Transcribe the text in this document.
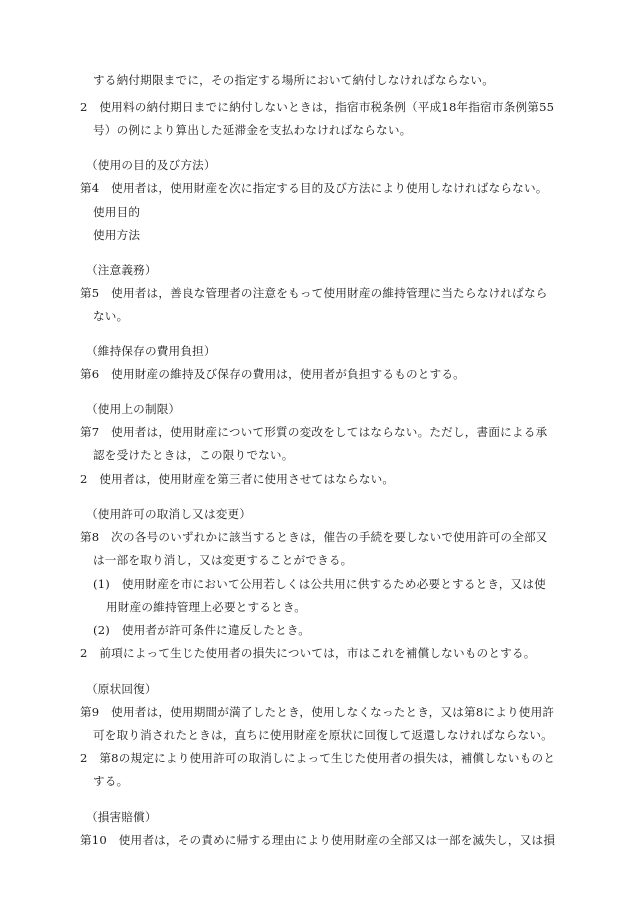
する納付期限までに，その指定する場所において納付しなければならない。
2　使用料の納付期日までに納付しないときは，指宿市税条例（平成18年指宿市条例第55
号）の例により算出した延滞金を支払わなければならない。
（使用の目的及び方法）
第4　使用者は，使用財産を次に指定する目的及び方法により使用しなければならない。
使用目的
使用方法
（注意義務）
第5　使用者は，善良な管理者の注意をもって使用財産の維持管理に当たらなければなら
ない。
（維持保存の費用負担）
第6　使用財産の維持及び保存の費用は，使用者が負担するものとする。
（使用上の制限）
第7　使用者は，使用財産について形質の変改をしてはならない。ただし，書面による承
認を受けたときは，この限りでない。
2　使用者は，使用財産を第三者に使用させてはならない。
（使用許可の取消し又は変更）
第8　次の各号のいずれかに該当するときは，催告の手続を要しないで使用許可の全部又
は一部を取り消し，又は変更することができる。
(1)　使用財産を市において公用若しくは公共用に供するため必要とするとき，又は使
用財産の維持管理上必要とするとき。
(2)　使用者が許可条件に違反したとき。
2　前項によって生じた使用者の損失については，市はこれを補償しないものとする。
（原状回復）
第9　使用者は，使用期間が満了したとき，使用しなくなったとき，又は第8により使用許
可を取り消されたときは，直ちに使用財産を原状に回復して返還しなければならない。
2　第8の規定により使用許可の取消しによって生じた使用者の損失は，補償しないものと
する。
（損害賠償）
第10　使用者は，その責めに帰する理由により使用財産の全部又は一部を滅失し，又は損
